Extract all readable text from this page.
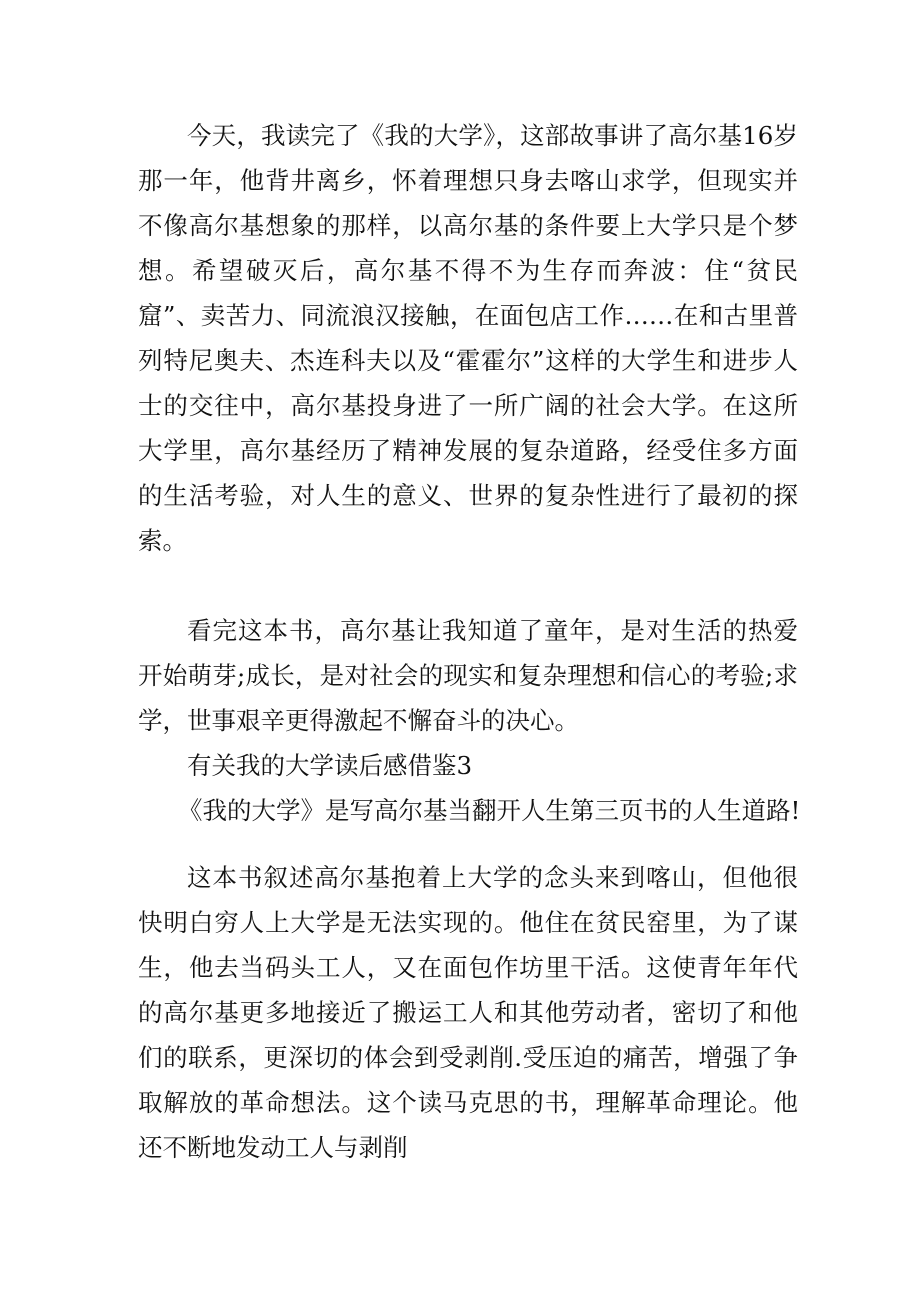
今天，我读完了《我的大学》，这部故事讲了高尔基16岁那一年，他背井离乡，怀着理想只身去喀山求学，但现实并不像高尔基想象的那样，以高尔基的条件要上大学只是个梦想。希望破灭后，高尔基不得不为生存而奔波：住“贫民窟”、卖苦力、同流浪汉接触，在面包店工作……在和古里普列特尼奥夫、杰连科夫以及“霍霍尔”这样的大学生和进步人士的交往中，高尔基投身进了一所广阔的社会大学。在这所大学里，高尔基经历了精神发展的复杂道路，经受住多方面的生活考验，对人生的意义、世界的复杂性进行了最初的探索。

看完这本书，高尔基让我知道了童年，是对生活的热爱开始萌芽;成长，是对社会的现实和复杂理想和信心的考验;求学，世事艰辛更得激起不懈奋斗的决心。

有关我的大学读后感借鉴3

《我的大学》是写高尔基当翻开人生第三页书的人生道路!

这本书叙述高尔基抱着上大学的念头来到喀山，但他很快明白穷人上大学是无法实现的。他住在贫民窑里，为了谋生，他去当码头工人，又在面包作坊里干活。这使青年年代的高尔基更多地接近了搬运工人和其他劳动者，密切了和他们的联系，更深切的体会到受剥削.受压迫的痛苦，增强了争取解放的革命想法。这个读马克思的书，理解革命理论。他还不断地发动工人与剥削
